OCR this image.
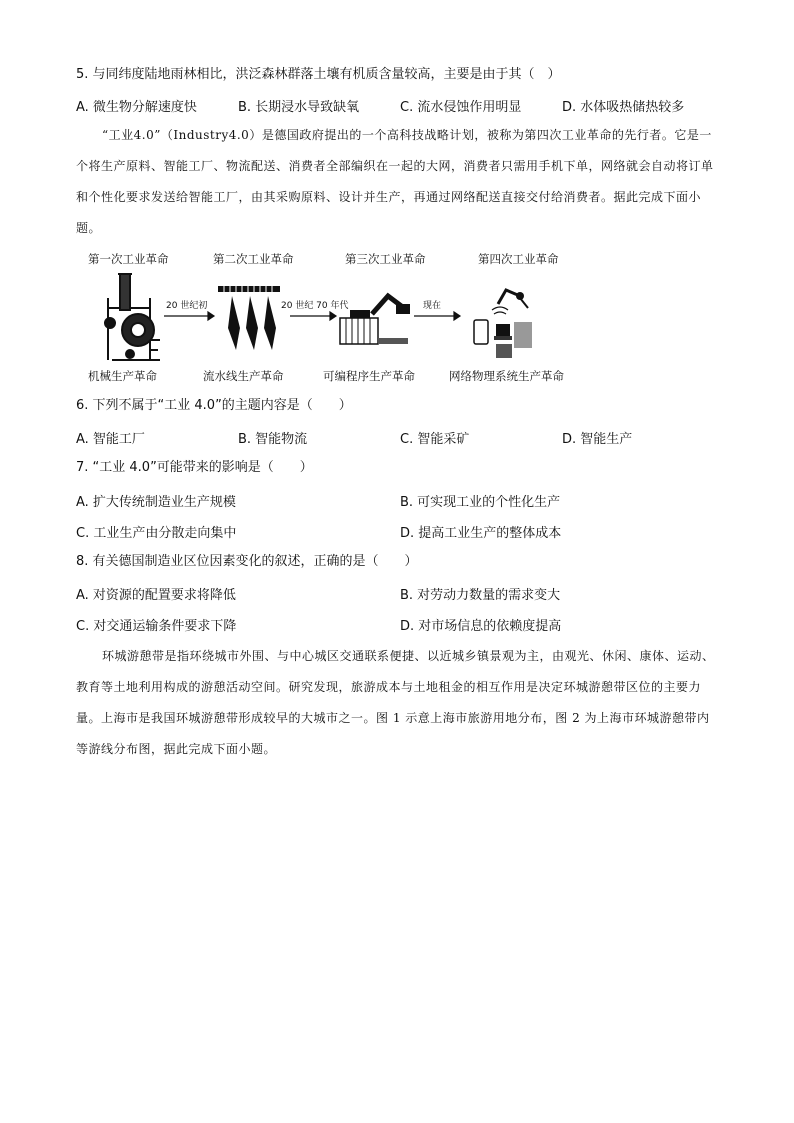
5. 与同纬度陆地雨林相比，洪泛森林群落土壤有机质含量较高，主要是由于其（　）
A. 微生物分解速度快	B. 长期浸水导致缺氧	C. 流水侵蚀作用明显	D. 水体吸热储热较多
“工业4.0”（Industry4.0）是德国政府提出的一个高科技战略计划，被称为第四次工业革命的先行者。它是一个将生产原料、智能工厂、物流配送、消费者全部编织在一起的大网，消费者只需用手机下单，网络就会自动将订单和个性化要求发送给智能工厂，由其采购原料、设计并生产，再通过网络配送直接交付给消费者。据此完成下面小题。
第一次工业革命	第二次工业革命	第三次工业革命	第四次工业革命
20 世纪初	20 世纪 70 年代	现在
机械生产革命	流水线生产革命	可编程序生产革命	网络物理系统生产革命
6. 下列不属于“工业 4.0”的主题内容是（　　）
A. 智能工厂	B. 智能物流	C. 智能采矿	D. 智能生产
7. “工业 4.0”可能带来的影响是（　　）
A. 扩大传统制造业生产规模	B. 可实现工业的个性化生产
C. 工业生产由分散走向集中	D. 提高工业生产的整体成本
8. 有关德国制造业区位因素变化的叙述，正确的是（　　）
A. 对资源的配置要求将降低	B. 对劳动力数量的需求变大
C. 对交通运输条件要求下降	D. 对市场信息的依赖度提高
环城游憩带是指环绕城市外围、与中心城区交通联系便捷、以近城乡镇景观为主，由观光、休闲、康体、运动、教育等土地利用构成的游憩活动空间。研究发现，旅游成本与土地租金的相互作用是决定环城游憩带区位的主要力量。上海市是我国环城游憩带形成较早的大城市之一。图 1 示意上海市旅游用地分布，图 2 为上海市环城游憩带内等游线分布图，据此完成下面小题。
